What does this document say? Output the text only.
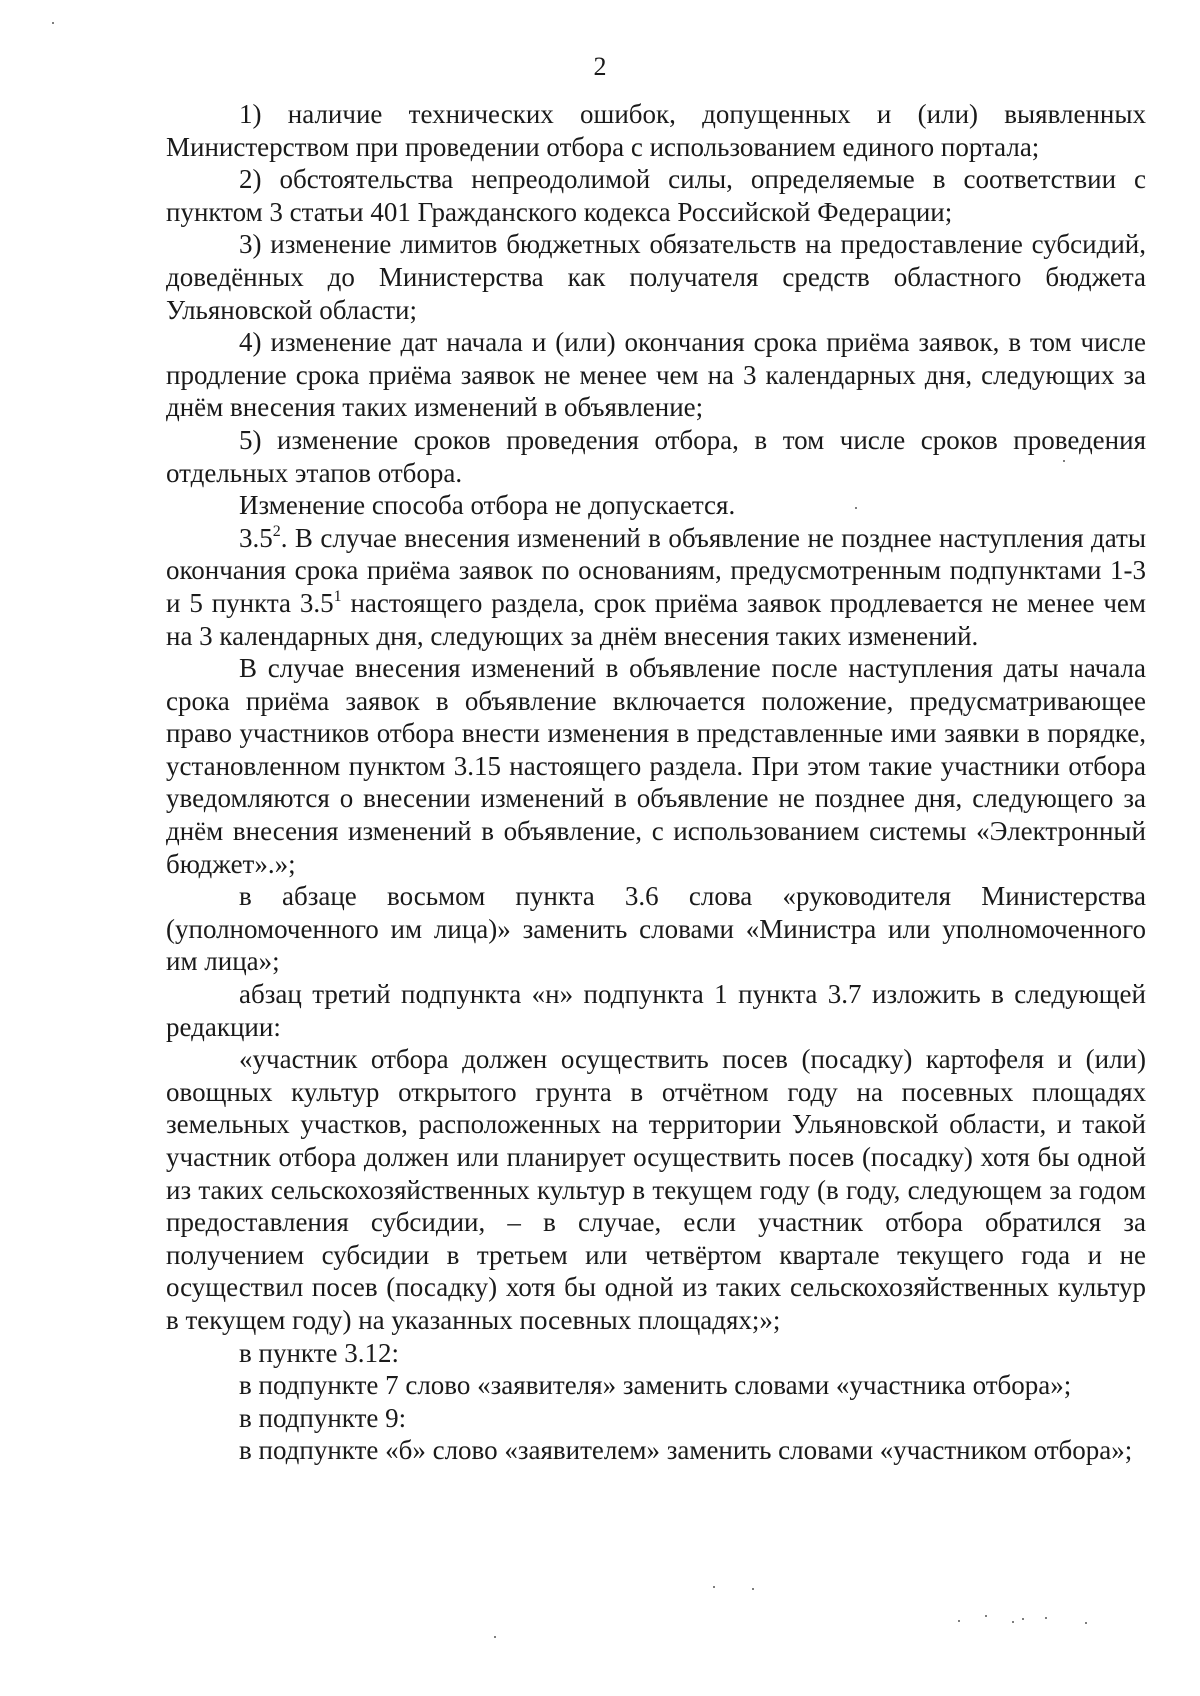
2

1) наличие технических ошибок, допущенных и (или) выявленных Министерством при проведении отбора с использованием единого портала;

2) обстоятельства непреодолимой силы, определяемые в соответствии с пунктом 3 статьи 401 Гражданского кодекса Российской Федерации;

3) изменение лимитов бюджетных обязательств на предоставление субсидий, доведённых до Министерства как получателя средств областного бюджета Ульяновской области;

4) изменение дат начала и (или) окончания срока приёма заявок, в том числе продление срока приёма заявок не менее чем на 3 календарных дня, следующих за днём внесения таких изменений в объявление;

5) изменение сроков проведения отбора, в том числе сроков проведения отдельных этапов отбора.

Изменение способа отбора не допускается.

$3.5^2$. В случае внесения изменений в объявление не позднее наступления даты окончания срока приёма заявок по основаниям, предусмотренным подпунктами 1-3 и 5 пункта $3.5^1$ настоящего раздела, срок приёма заявок продлевается не менее чем на 3 календарных дня, следующих за днём внесения таких изменений.

В случае внесения изменений в объявление после наступления даты начала срока приёма заявок в объявление включается положение, предусматривающее право участников отбора внести изменения в представленные ими заявки в порядке, установленном пунктом 3.15 настоящего раздела. При этом такие участники отбора уведомляются о внесении изменений в объявление не позднее дня, следующего за днём внесения изменений в объявление, с использованием системы «Электронный бюджет».»;

в абзаце восьмом пункта 3.6 слова «руководителя Министерства (уполномоченного им лица)» заменить словами «Министра или уполномоченного им лица»;

абзац третий подпункта «н» подпункта 1 пункта 3.7 изложить в следующей редакции:

«участник отбора должен осуществить посев (посадку) картофеля и (или) овощных культур открытого грунта в отчётном году на посевных площадях земельных участков, расположенных на территории Ульяновской области, и такой участник отбора должен или планирует осуществить посев (посадку) хотя бы одной из таких сельскохозяйственных культур в текущем году (в году, следующем за годом предоставления субсидии, – в случае, если участник отбора обратился за получением субсидии в третьем или четвёртом квартале текущего года и не осуществил посев (посадку) хотя бы одной из таких сельскохозяйственных культур в текущем году) на указанных посевных площадях;»;

в пункте 3.12:

в подпункте 7 слово «заявителя» заменить словами «участника отбора»;

в подпункте 9:

в подпункте «б» слово «заявителем» заменить словами «участником отбора»;
